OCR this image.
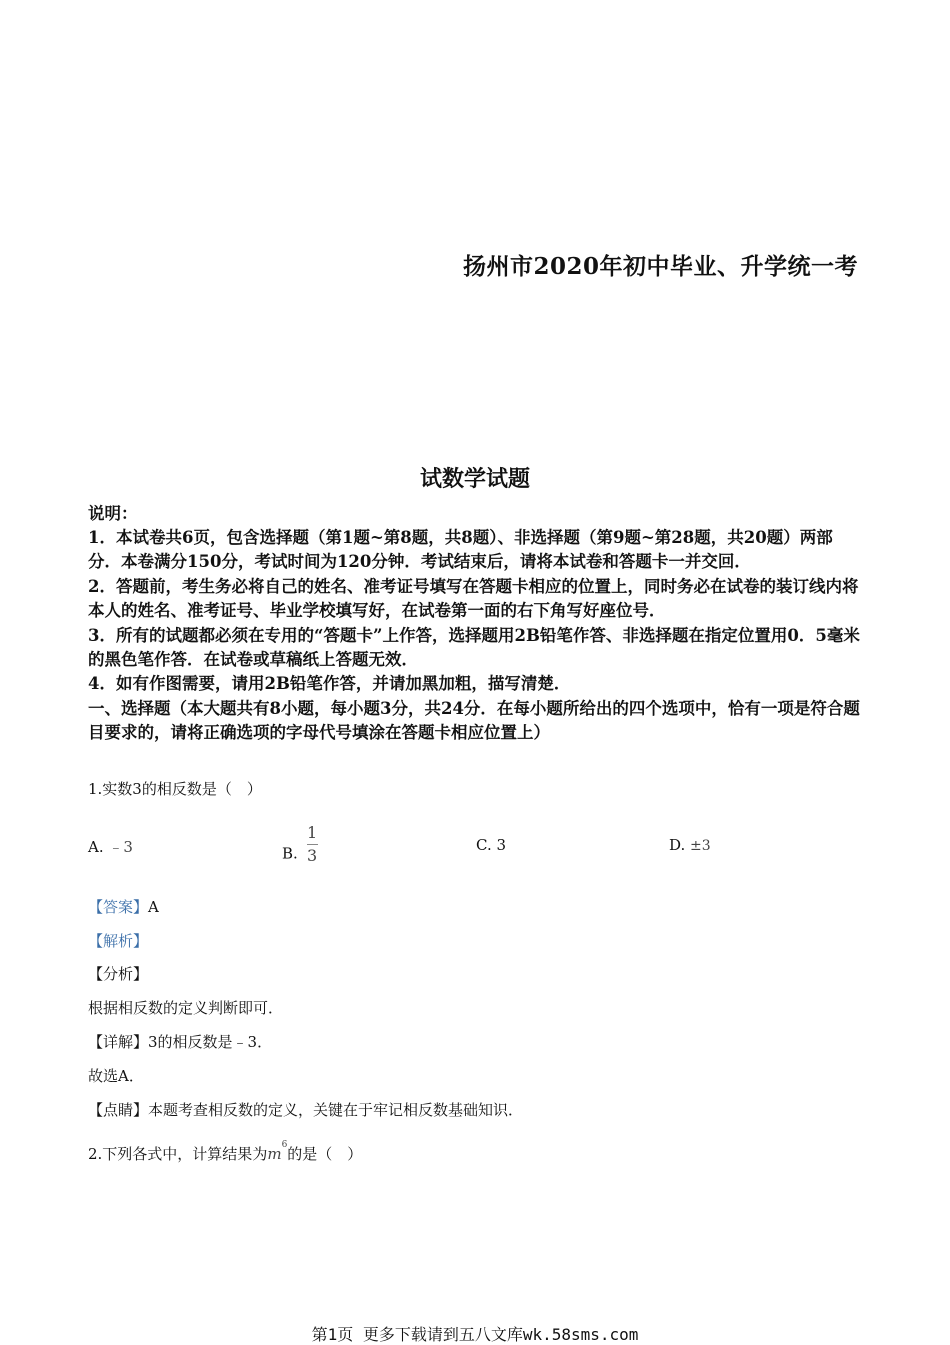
扬州市2020年初中毕业、升学统一考
试数学试题
说明：

1．本试卷共6页，包含选择题（第1题~第8题，共8题）、非选择题（第9题~第28题，共20题）两部分．本卷满分150分，考试时间为120分钟．考试结束后，请将本试卷和答题卡一并交回．

2．答题前，考生务必将自己的姓名、准考证号填写在答题卡相应的位置上，同时务必在试卷的装订线内将本人的姓名、准考证号、毕业学校填写好，在试卷第一面的右下角写好座位号．

3．所有的试题都必须在专用的“答题卡”上作答，选择题用2B铅笔作答、非选择题在指定位置用0．5毫米的黑色笔作答．在试卷或草稿纸上答题无效．

4．如有作图需要，请用2B铅笔作答，并请加黑加粗，描写清楚．

一、选择题（本大题共有8小题，每小题3分，共24分．在每小题所给出的四个选项中，恰有一项是符合题目要求的，请将正确选项的字母代号填涂在答题卡相应位置上）

1.实数3的相反数是（　）
A. ﹣3	B. $\frac{1}{3}$	C. 3	D. ±3
【答案】A
【解析】
【分析】
根据相反数的定义判断即可．
【详解】3的相反数是﹣3．
故选A．
【点睛】本题考查相反数的定义，关键在于牢记相反数基础知识．
2.下列各式中，计算结果为$m^6$的是（　）
第1页 更多下载请到五八文库wk.58sms.com
